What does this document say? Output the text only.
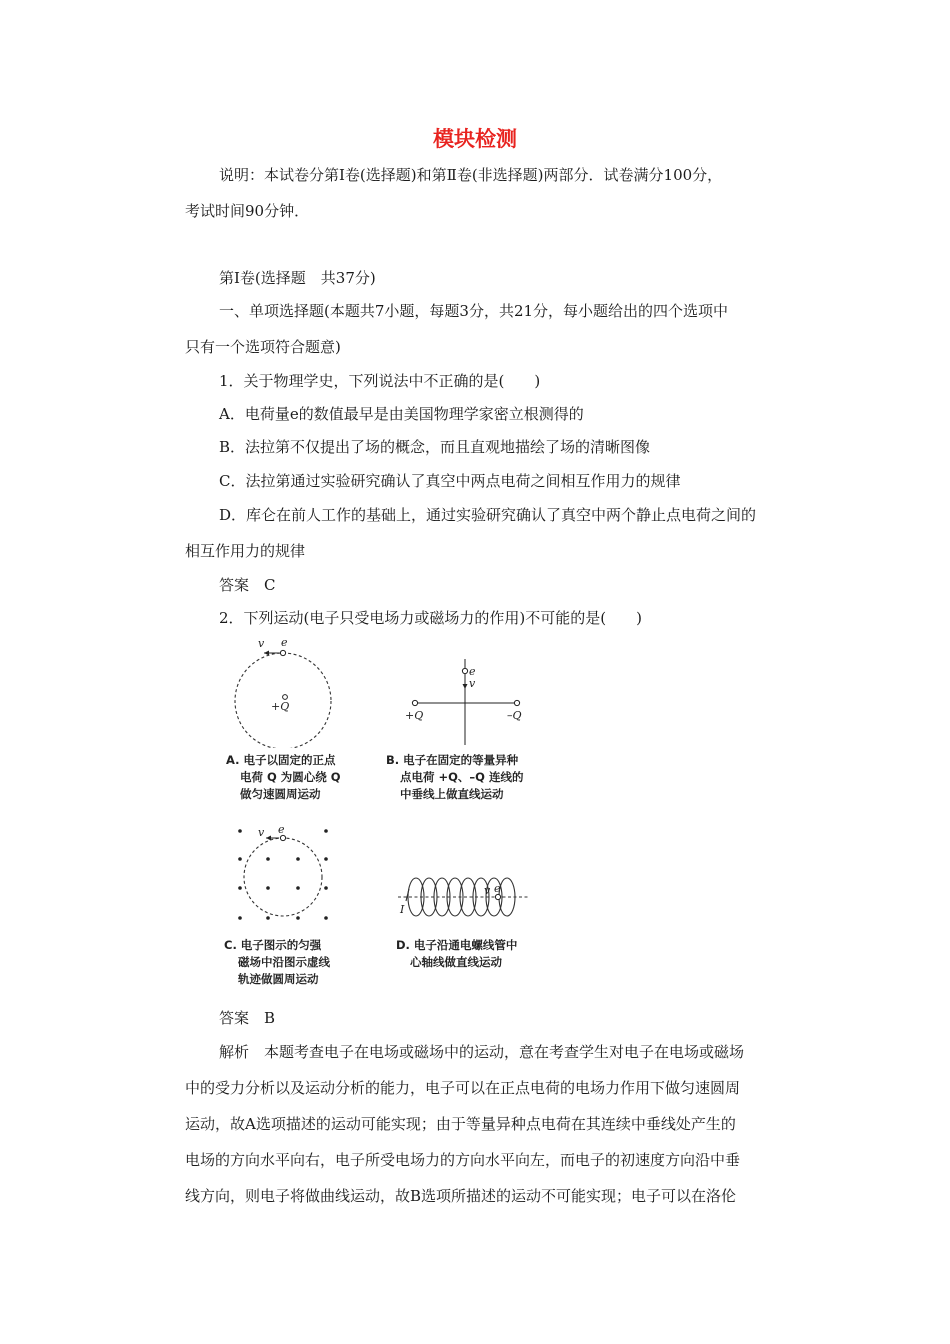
模块检测
说明：本试卷分第Ⅰ卷(选择题)和第Ⅱ卷(非选择题)两部分．试卷满分100分，
考试时间90分钟．
第Ⅰ卷(选择题　共37分)
一、单项选择题(本题共7小题，每题3分，共21分，每小题给出的四个选项中
只有一个选项符合题意)
1．关于物理学史，下列说法中不正确的是(　　)
A．电荷量e的数值最早是由美国物理学家密立根测得的
B．法拉第不仅提出了场的概念，而且直观地描绘了场的清晰图像
C．法拉第通过实验研究确认了真空中两点电荷之间相互作用力的规律
D．库仑在前人工作的基础上，通过实验研究确认了真空中两个静止点电荷之间的
相互作用力的规律
答案　C
2．下列运动(电子只受电场力或磁场力的作用)不可能的是(　　)
v e
+Q
A. 电子以固定的正点
电荷 Q 为圆心绕 Q
做匀速圆周运动
e
v
+Q	–Q
B. 电子在固定的等量异种
点电荷 +Q、–Q 连线的
中垂线上做直线运动
v e
C. 电子图示的匀强
磁场中沿图示虚线
轨迹做圆周运动
I
v e
D. 电子沿通电螺线管中
心轴线做直线运动
答案　B
解析　本题考查电子在电场或磁场中的运动，意在考查学生对电子在电场或磁场
中的受力分析以及运动分析的能力，电子可以在正点电荷的电场力作用下做匀速圆周
运动，故A选项描述的运动可能实现；由于等量异种点电荷在其连续中垂线处产生的
电场的方向水平向右，电子所受电场力的方向水平向左，而电子的初速度方向沿中垂
线方向，则电子将做曲线运动，故B选项所描述的运动不可能实现；电子可以在洛伦
